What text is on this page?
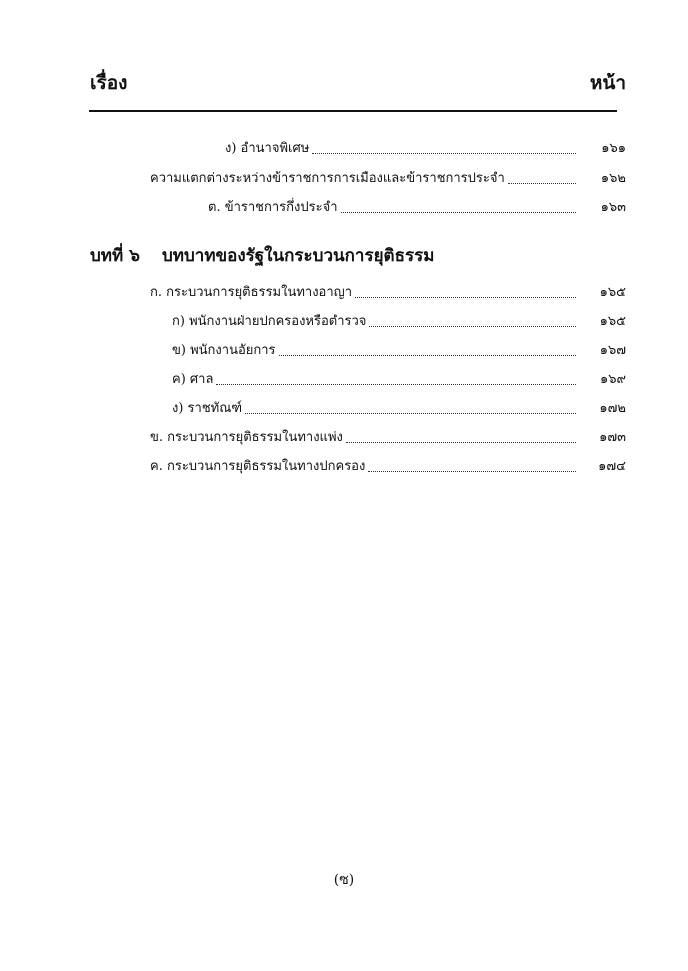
เรื่อง	หน้า
ง) อำนาจพิเศษ	๑๖๑
ความแตกต่างระหว่างข้าราชการการเมืองและข้าราชการประจำ	๑๖๒
ต. ข้าราชการกึ่งประจำ	๑๖๓
บทที่ ๖ บทบาทของรัฐในกระบวนการยุติธรรม
ก. กระบวนการยุติธรรมในทางอาญา	๑๖๕
ก) พนักงานฝ่ายปกครองหรือตำรวจ	๑๖๕
ข) พนักงานอัยการ	๑๖๗
ค) ศาล	๑๖๙
ง) ราชทัณฑ์	๑๗๒
ข. กระบวนการยุติธรรมในทางแพ่ง	๑๗๓
ค. กระบวนการยุติธรรมในทางปกครอง	๑๗๔
(ซ)
